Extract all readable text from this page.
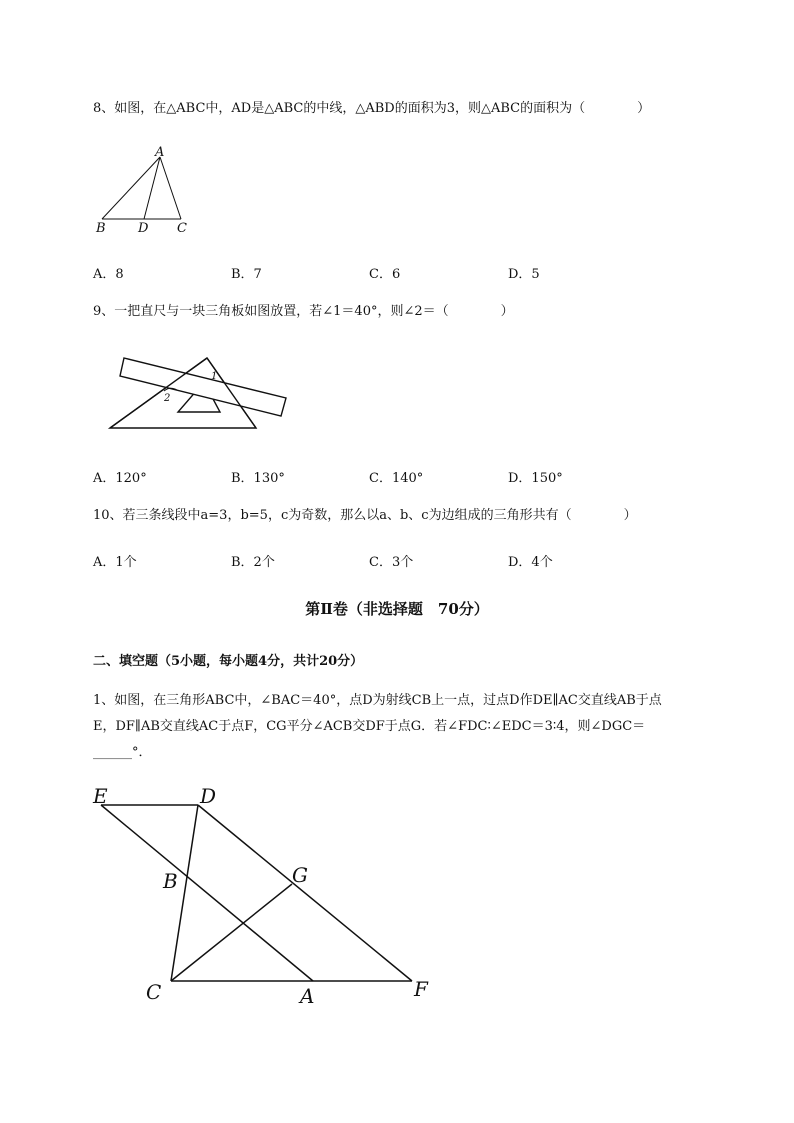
8、如图，在△ABC中，AD是△ABC的中线，△ABD的面积为3，则△ABC的面积为（　　　　）
A
B D C
A．8	B．7	C．6	D．5
9、一把直尺与一块三角板如图放置，若∠1＝40°，则∠2＝（　　　　）
1
2
A．120°	B．130°	C．140°	D．150°
10、若三条线段中a=3，b=5，c为奇数，那么以a、b、c为边组成的三角形共有（　　　　）
A．1个	B．2个	C．3个	D．4个
第Ⅱ卷（非选择题　70分）
二、填空题（5小题，每小题4分，共计20分）
1、如图，在三角形ABC中，∠BAC＝40°，点D为射线CB上一点，过点D作DE∥AC交直线AB于点
E，DF∥AB交直线AC于点F，CG平分∠ACB交DF于点G．若∠FDC∶∠EDC＝3∶4，则∠DGC＝
______°．
E	D
G
B
C	A	F
